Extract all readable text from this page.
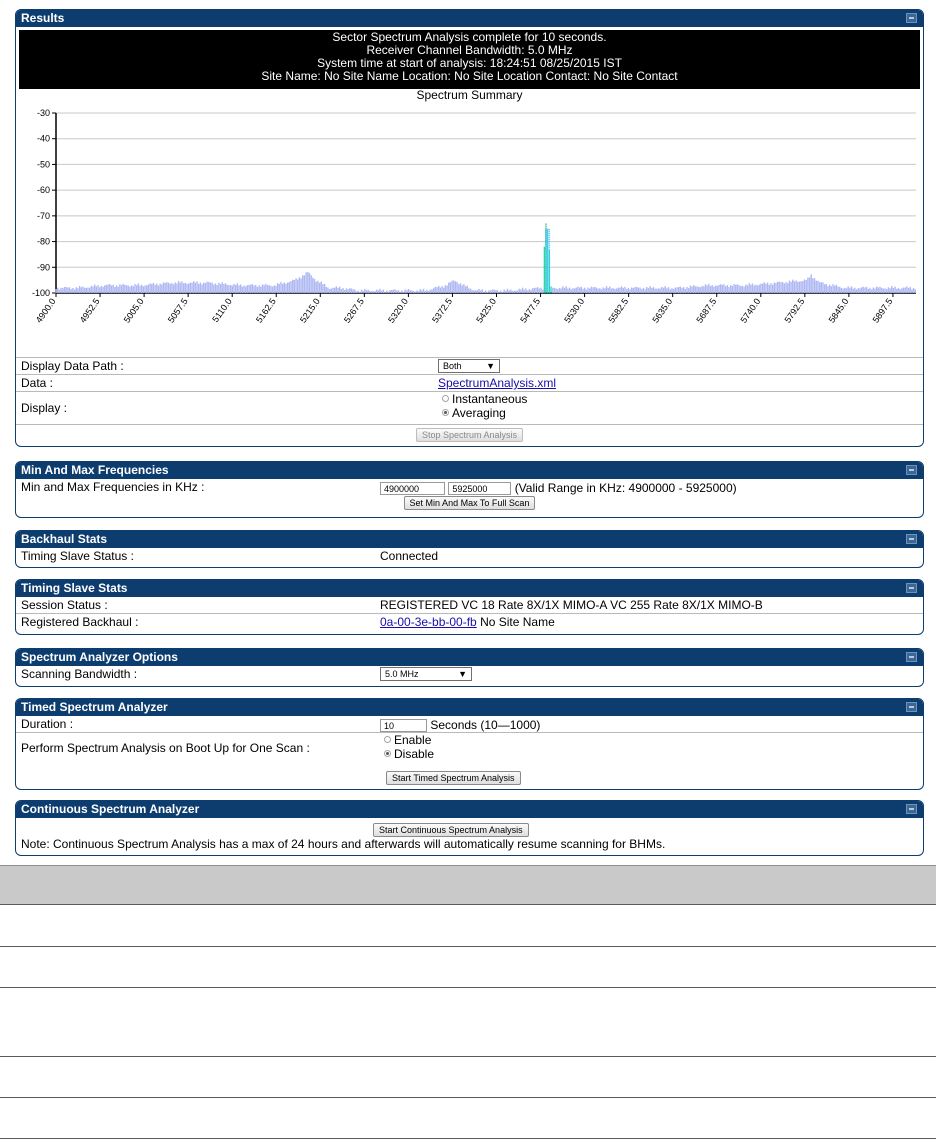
Results
Sector Spectrum Analysis complete for 10 seconds.
Receiver Channel Bandwidth: 5.0 MHz
System time at start of analysis: 18:24:51 08/25/2015 IST
Site Name: No Site Name Location: No Site Location Contact: No Site Contact
Spectrum Summary
-30
-40
-50
-60
-70
-80
-90
-100
4900.0 4952.5 5005.0 5057.5 5110.0 5162.5 5215.0 5267.5 5320.0 5372.5 5425.0 5477.5 5530.0 5582.5 5635.0 5687.5 5740.0 5792.5 5845.0 5897.5
Display Data Path :	Both	▼
Data :	SpectrumAnalysis.xml
Display :
Instantaneous
Averaging
Stop Spectrum Analysis
Min And Max Frequencies
Min and Max Frequencies in KHz :	4900000	5925000 (Valid Range in KHz: 4900000 - 5925000)
Set Min And Max To Full Scan
Backhaul Stats
Timing Slave Status :	Connected
Timing Slave Stats
Session Status :	REGISTERED VC 18 Rate 8X/1X MIMO-A VC 255 Rate 8X/1X MIMO-B
Registered Backhaul :	0a-00-3e-bb-00-fb No Site Name
Spectrum Analyzer Options
Scanning Bandwidth :	5.0 MHz	▼
Timed Spectrum Analyzer
Duration :	10	Seconds (10—1000)
Perform Spectrum Analysis on Boot Up for One Scan :
Enable
Disable
Start Timed Spectrum Analysis
Continuous Spectrum Analyzer
Start Continuous Spectrum Analysis
Note: Continuous Spectrum Analysis has a max of 24 hours and afterwards will automatically resume scanning for BHMs.
